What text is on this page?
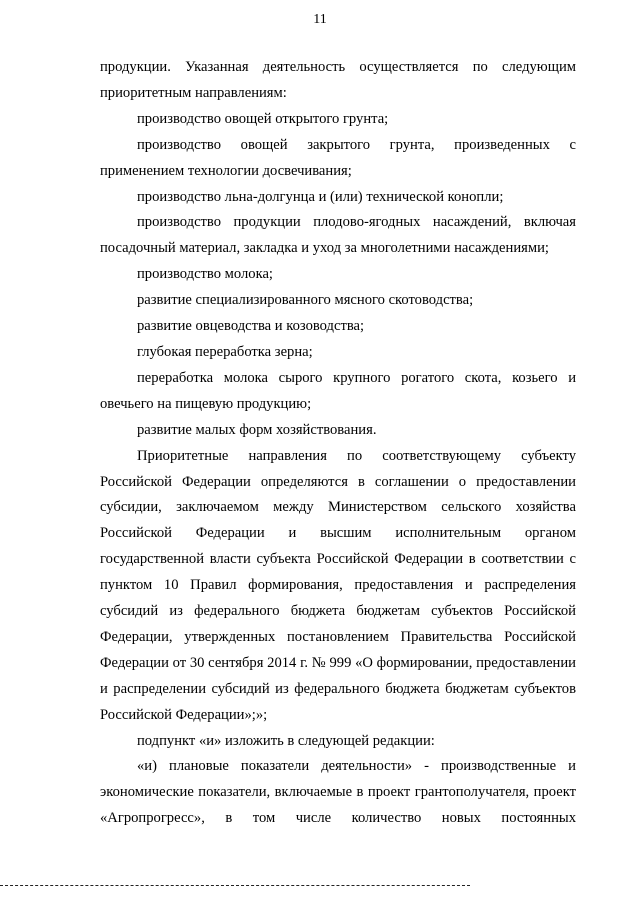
11

продукции. Указанная деятельность осуществляется по следующим приоритетным направлениям:

производство овощей открытого грунта;

производство овощей закрытого грунта, произведенных с применением технологии досвечивания;

производство льна-долгунца и (или) технической конопли;

производство продукции плодово-ягодных насаждений, включая посадочный материал, закладка и уход за многолетними насаждениями;

производство молока;

развитие специализированного мясного скотоводства;

развитие овцеводства и козоводства;

глубокая переработка зерна;

переработка молока сырого крупного рогатого скота, козьего и овечьего на пищевую продукцию;

развитие малых форм хозяйствования.

Приоритетные направления по соответствующему субъекту Российской Федерации определяются в соглашении о предоставлении субсидии, заключаемом между Министерством сельского хозяйства Российской Федерации и высшим исполнительным органом государственной власти субъекта Российской Федерации в соответствии с пунктом 10 Правил формирования, предоставления и распределения субсидий из федерального бюджета бюджетам субъектов Российской Федерации, утвержденных постановлением Правительства Российской Федерации от 30 сентября 2014 г. № 999 «О формировании, предоставлении и распределении субсидий из федерального бюджета бюджетам субъектов Российской Федерации»;»;

подпункт «и» изложить в следующей редакции:

«и) плановые показатели деятельности» - производственные и экономические показатели, включаемые в проект грантополучателя, проект «Агропрогресс», в том числе количество новых постоянных
